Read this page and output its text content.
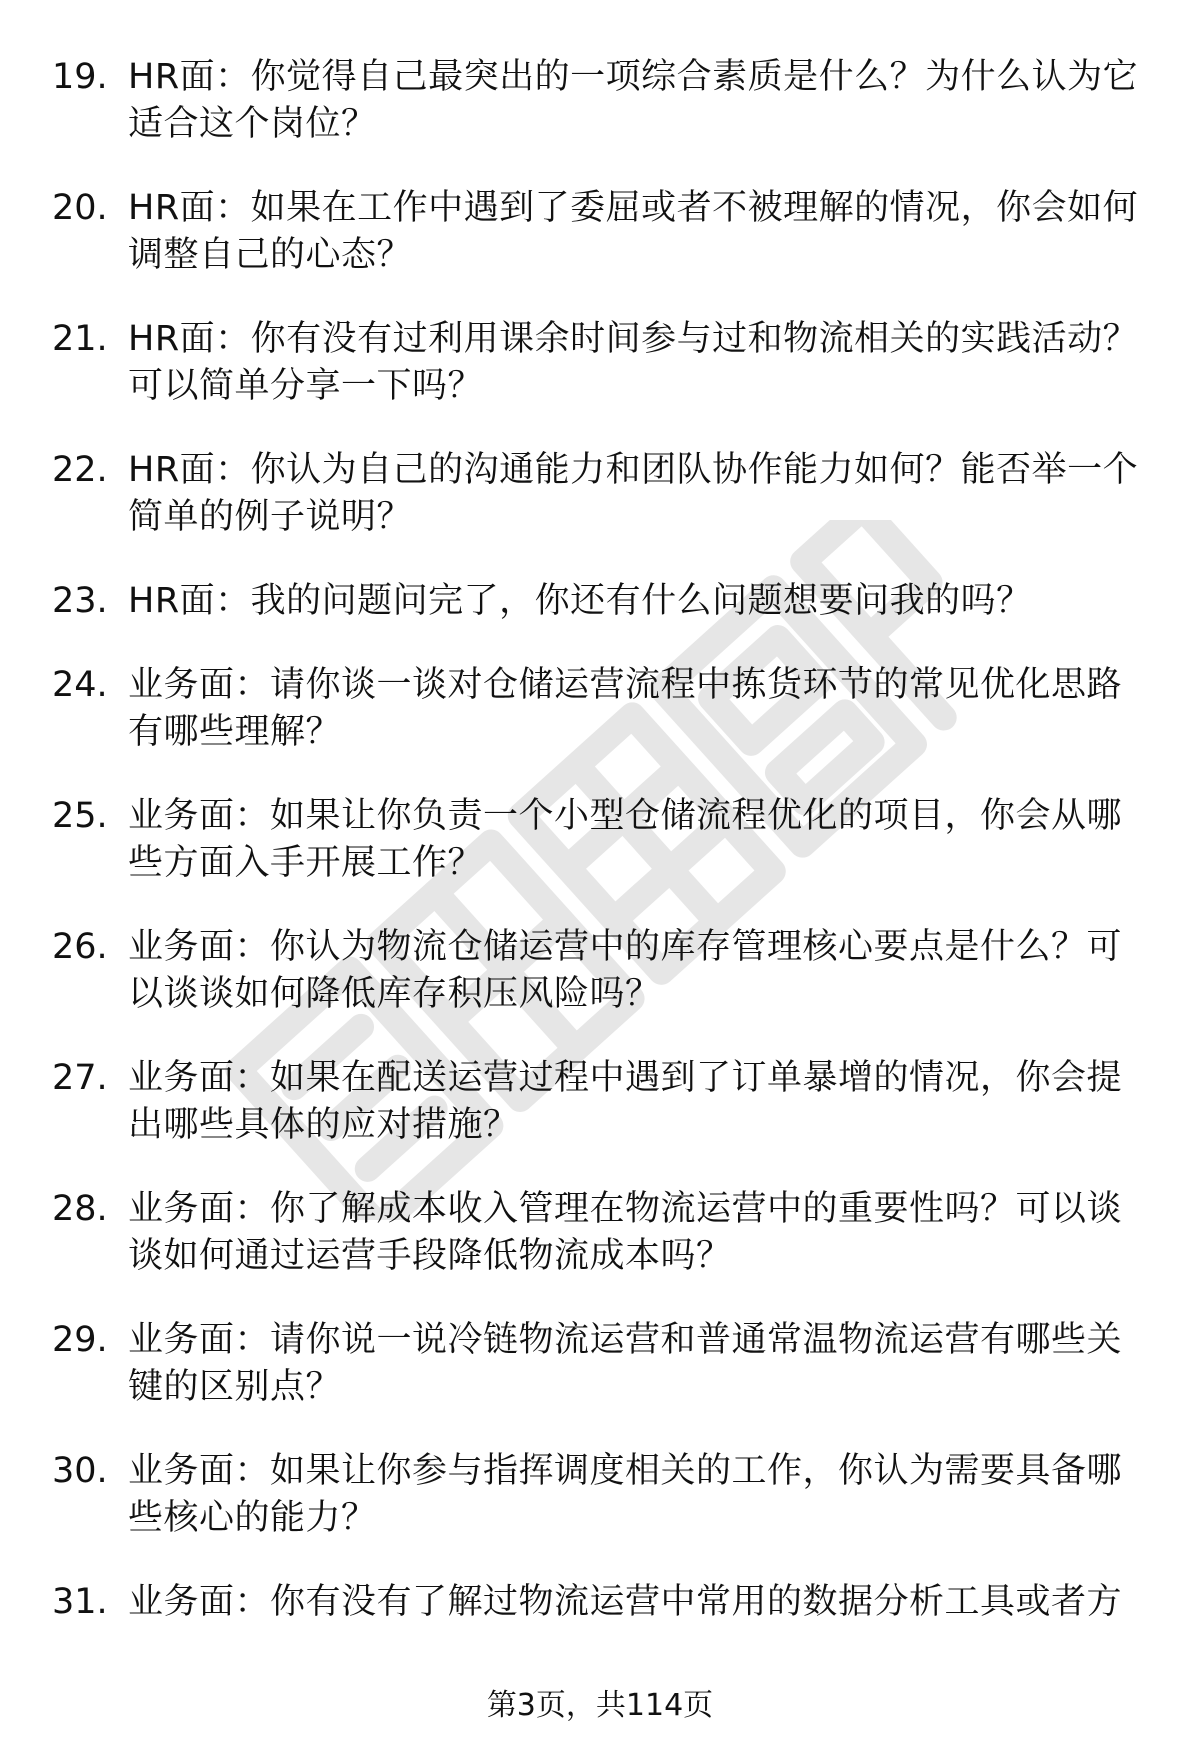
19. HR面：你觉得自己最突出的一项综合素质是什么？为什么认为它适合这个岗位？
20. HR面：如果在工作中遇到了委屈或者不被理解的情况，你会如何调整自己的心态？
21. HR面：你有没有过利用课余时间参与过和物流相关的实践活动？可以简单分享一下吗？
22. HR面：你认为自己的沟通能力和团队协作能力如何？能否举一个简单的例子说明？
23. HR面：我的问题问完了，你还有什么问题想要问我的吗？
24. 业务面：请你谈一谈对仓储运营流程中拣货环节的常见优化思路有哪些理解？
25. 业务面：如果让你负责一个小型仓储流程优化的项目，你会从哪些方面入手开展工作？
26. 业务面：你认为物流仓储运营中的库存管理核心要点是什么？可以谈谈如何降低库存积压风险吗？
27. 业务面：如果在配送运营过程中遇到了订单暴增的情况，你会提出哪些具体的应对措施？
28. 业务面：你了解成本收入管理在物流运营中的重要性吗？可以谈谈如何通过运营手段降低物流成本吗？
29. 业务面：请你说一说冷链物流运营和普通常温物流运营有哪些关键的区别点？
30. 业务面：如果让你参与指挥调度相关的工作，你认为需要具备哪些核心的能力？
31. 业务面：你有没有了解过物流运营中常用的数据分析工具或者方
第3页，共114页
